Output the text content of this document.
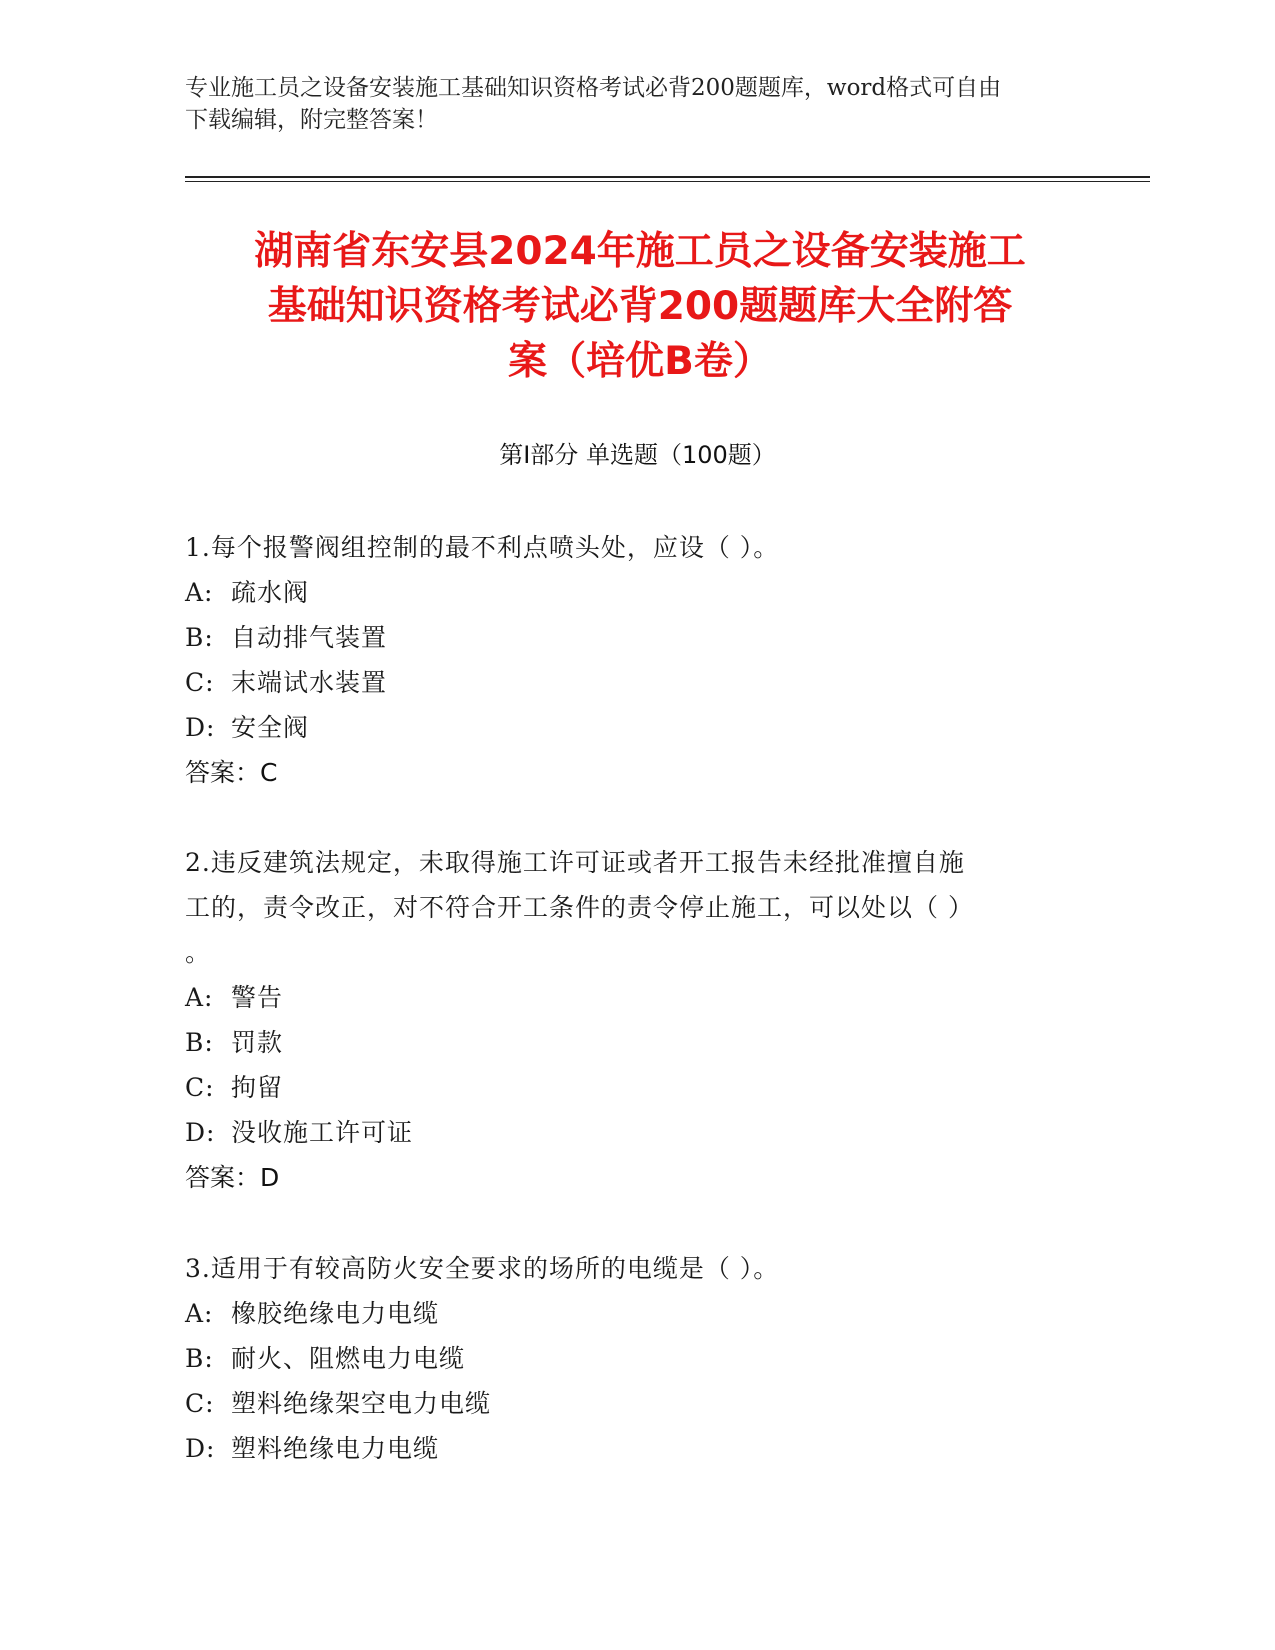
专业施工员之设备安装施工基础知识资格考试必背200题题库，word格式可自由
下载编辑，附完整答案！
湖南省东安县2024年施工员之设备安装施工
基础知识资格考试必背200题题库大全附答
案（培优B卷）
第I部分 单选题（100题）
1.每个报警阀组控制的最不利点喷头处，应设（ ）。
A: 疏水阀
B: 自动排气装置
C: 末端试水装置
D: 安全阀
答案：C
2.违反建筑法规定，未取得施工许可证或者开工报告未经批准擅自施
工的，责令改正，对不符合开工条件的责令停止施工，可以处以（ ）
。
A: 警告
B: 罚款
C: 拘留
D: 没收施工许可证
答案：D
3.适用于有较高防火安全要求的场所的电缆是（ ）。
A: 橡胶绝缘电力电缆
B: 耐火、阻燃电力电缆
C: 塑料绝缘架空电力电缆
D: 塑料绝缘电力电缆
